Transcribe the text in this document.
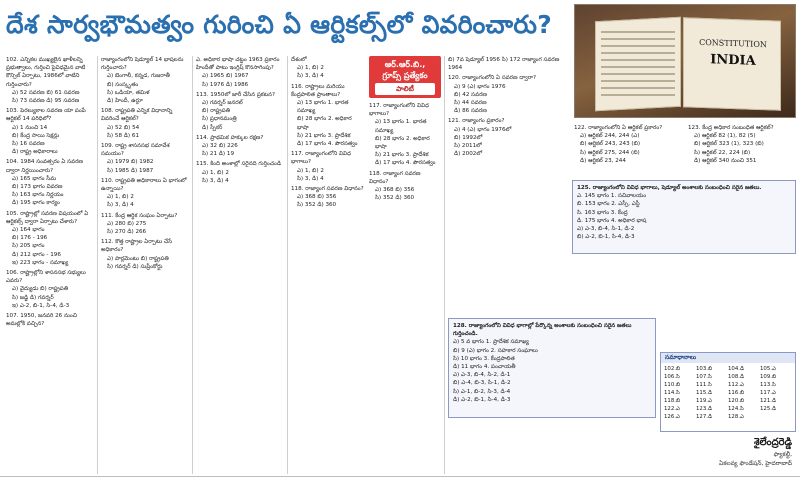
దేశ సార్వభౌమత్వం గురించి ఏ ఆర్టికల్స్‌లో వివరించారు?
CONSTITUTION
INDIA
102. ఎన్నికల ముఖ్యలైన ఖాళీలన్ని ప్రభుత్వాలు, గుర్తించి పైవిధమైన వాటి కౌన్సిల్ ఏర్పాటు, 1986లో వాటిని గుర్తించారు?
ఎ) 52 సవరణ బి) 61 సవరణ
సి) 73 సవరణ డి) 95 సవరణ
103. పెరల్యుకాల సవరణ యా పంపే ఆర్టికల్ 14 పరిధిలో?
ఎ) 1 నుంచి 14
బి) కేంద్ర సాయి సెక్షన్లు
సి) 16 సవరణ
డి) రాష్ట్ర అధికారాలు
104. 1984 సంవత్సరం ఏ సవరణ ద్వారా నిర్ణయించారు?
ఎ) 165 భాగం సీమ
బి) 173 భాగం వివరణ
సి) 163 భాగం నిర్ణయం
డి) 195 భాగం కార్యం
105. రాష్ట్రాల్లో సవరణ విషయంలో ఏ ఆర్టికల్స్ ద్వారా ఏర్పాటు చేశారు?
ఎ) 164 భాగం
బి) 176 - 196
సి) 205 భాగం
డి) 212 భాగం - 196
ఇ) 223 భాగం - సమాఖ్య
106. రాష్ట్రాల్లోని శాసనసభ సభ్యులు ఎవరు?
ఎ) వైద్యుడు బి) రాష్ట్రపతి
సి) జడ్జి డి) గవర్నర్
ఇ) ఎ-2, బి-1, సి-4, డి-3
107. 1950, జనవరి 26 నుంచి అమల్లోకి వచ్చిన?
రాజ్యాంగంలోని షెడ్యూల్ 14 భాషలను గుర్తించారు?
ఎ) బెంగాలీ, కన్నడ, గుజరాతీ
బి) సంస్కృతం
సి) ఒడియా, తమిళ
డి) హిందీ, ఉర్దూ
108. రాష్ట్రపతి ఎన్నిక విధానాన్ని వివరించే ఆర్టికల్?
ఎ) 52 బి) 54
సి) 58 డి) 61
109. రాష్ట్ర శాసనసభ సమావేశ సమయం?
ఎ) 1979 బి) 1982
సి) 1985 డి) 1987
110. రాష్ట్రపతి అధికారాలు ఏ భాగంలో ఉన్నాయి?
ఎ) 1, బి) 2
సి) 3, డి) 4
111. కేంద్ర ఆర్థిక సంఘం ఏర్పాటు?
ఎ) 280 బి) 275
సి) 270 డి) 266
112. కొత్త రాష్ట్రాల ఏర్పాటు చేసే అధికారం?
ఎ) పార్లమెంటు బి) రాష్ట్రపతి
సి) గవర్నర్ డి) సుప్రీంకోర్టు
ఎ. అధికార భాషా చట్టం 1963 ప్రకారం హిందీతో పాటు ఇంగ్లిష్ కొనసాగింపు?
ఎ) 1965 బి) 1967
సి) 1976 డి) 1986
113. 1950లో జారీ చేసిన ప్రకటన?
ఎ) గవర్నర్ జనరల్
బి) రాష్ట్రపతి
సి) ప్రధానమంత్రి
డి) స్పీకర్
114. ప్రాథమిక హక్కుల రక్షణ?
ఎ) 32 బి) 226
సి) 21 డి) 19
115. కింది అంశాల్లో సరైనది గుర్తించండి
ఎ) 1, బి) 2
సి) 3, డి) 4
ఆర్‌.ఆర్‌.బి.,
గ్రూప్స్‌ ప్రత్యేకం
పాలిటీ
దేశంలో
ఎ) 1, బి) 2
సి) 3, డి) 4
116. రాష్ట్రాలు మరియు కేంద్రపాలిత ప్రాంతాలు?
ఎ) 13 భాగం 1. భారత సమాఖ్య
బి) 28 భాగం 2. అధికార భాషా
సి) 21 భాగం 3. ప్రాదేశిక
డి) 17 భాగం 4. పౌరసత్వం
117. రాజ్యాంగంలోని వివిధ భాగాలు?
ఎ) 1, బి) 2
సి) 3, డి) 4
118. రాజ్యాంగ సవరణ విధానం?
ఎ) 368 బి) 356
సి) 352 డి) 360
117. రాజ్యాంగంలోని వివిధ భాగాలు?
ఎ) 13 భాగం 1. భారత సమాఖ్య
బి) 28 భాగం 2. అధికార భాషా
సి) 21 భాగం 3. ప్రాదేశిక
డి) 17 భాగం 4. పౌరసత్వం
118. రాజ్యాంగ సవరణ విధానం?
ఎ) 368 బి) 356
సి) 352 డి) 360
బి) 7వ షెడ్యూల్ 1956 సి) 172 రాజ్యాంగ సవరణ 1964
120. రాజ్యాంగంలోని ఏ సవరణ ద్వారా?
ఎ) 9 (ఎ) భాగం 1976
బి) 42 సవరణ
సి) 44 సవరణ
డి) 86 సవరణ
121. రాజ్యాంగం ప్రకారం?
ఎ) 4 (ఎ) భాగం 1976లో
బి) 1992లో
సి) 2011లో
డి) 2002లో
122. రాజ్యాంగంలోని ఏ ఆర్టికల్ ప్రకారం?
ఎ) ఆర్టికల్ 244, 244 (ఎ)
బి) ఆర్టికల్ 243, 243 (బి)
సి) ఆర్టికల్ 275, 244 (బి)
డి) ఆర్టికల్ 23, 244
123. కేంద్ర అధికార సంబంధిత ఆర్టికల్?
ఎ) ఆర్టికల్ 82 (1), 82 (5)
బి) ఆర్టికల్ 323 (1), 323 (బి)
సి) ఆర్టికల్ 22, 224 (బి)
డి) ఆర్టికల్ 340 నుంచి 351
125. రాజ్యాంగంలోని వివిధ భాగాలు, షెడ్యూల్ అంశాలకు సంబంధించి సరైన జతలు.
ఎ. 145 భాగం 1. సచివాలయం
బి. 153 భాగం 2. ఎస్సీ, ఎస్టీ
సి. 163 భాగం 3. కేంద్ర
డి. 175 భాగం 4. అధికార భాష
ఎ) ఎ-3, బి-4, సి-1, డి-2
బి) ఎ-2, బి-1, సి-4, డి-3
128. రాజ్యాంగంలోని వివిధ భాగాల్లో పేర్కొన్న అంశాలకు సంబంధించి సరైన జతలు గుర్తించండి.
ఎ) 5 వ భాగం 1. ప్రాదేశిక సమాఖ్య
బి) 9 (ఎ) భాగం 2. సహకార సంఘాలు
సి) 10 భాగం 3. కేంద్రపాలిత
డి) 11 భాగం 4. పంచాయతీ
ఎ) ఎ-3, బి-4, సి-2, డి-1
బి) ఎ-4, బి-3, సి-1, డి-2
సి) ఎ-1, బి-2, సి-3, డి-4
డి) ఎ-2, బి-1, సి-4, డి-3
సమాధానాలు
102.బి	103.బి	104.డి	105.ఎ
106.సి	107.సి	108.డి	109.బి
110.బి	111.సి	112.ఎ	113.సి
114.సి	115.డి	116.బి	117.ఎ
118.బి	119.ఎ	120.బి	121.డి
122.ఎ	123.డి	124.సి	125.డి
126.ఎ	127.డి	128.ఎ
శైలేంద్రరెడ్డి
ఫ్యాకల్టీ,
ఏకలవ్య ఫౌండేషన్, హైదరాబాద్
